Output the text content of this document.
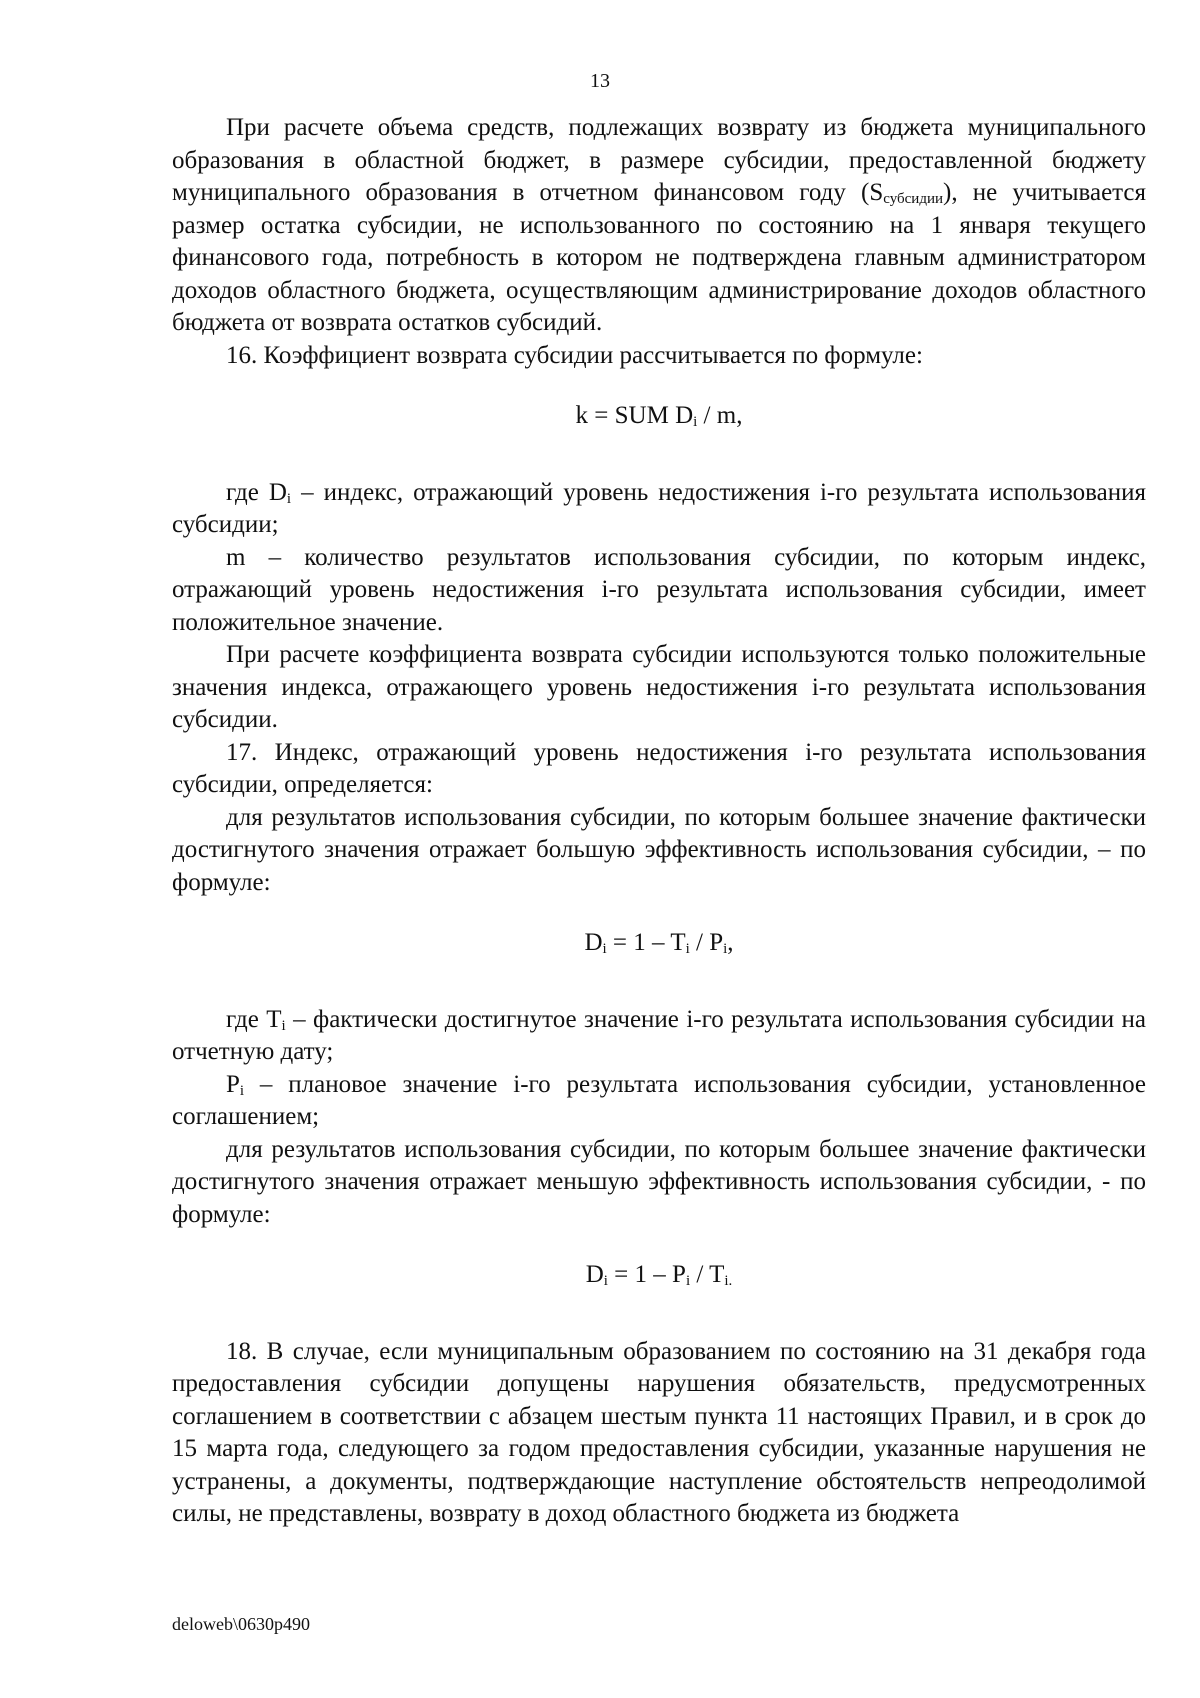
13

При расчете объема средств, подлежащих возврату из бюджета муниципального образования в областной бюджет, в размере субсидии, предоставленной бюджету муниципального образования в отчетном финансовом году $(S_{субсидии})$, не учитывается размер остатка субсидии, не использованного по состоянию на 1 января текущего финансового года, потребность в котором не подтверждена главным администратором доходов областного бюджета, осуществляющим администрирование доходов областного бюджета от возврата остатков субсидий.

16. Коэффициент возврата субсидии рассчитывается по формуле:

k = SUM $D_i$ / m,

где $D_i$ – индекс, отражающий уровень недостижения i-го результата использования субсидии;

m – количество результатов использования субсидии, по которым индекс, отражающий уровень недостижения i-го результата использования субсидии, имеет положительное значение.

При расчете коэффициента возврата субсидии используются только положительные значения индекса, отражающего уровень недостижения i-го результата использования субсидии.

17. Индекс, отражающий уровень недостижения i-го результата использования субсидии, определяется:

для результатов использования субсидии, по которым большее значение фактически достигнутого значения отражает большую эффективность использования субсидии, – по формуле:

$D_i = 1 - T_i / P_i$,

где $T_i$ – фактически достигнутое значение i-го результата использования субсидии на отчетную дату;

$P_i$ – плановое значение i-го результата использования субсидии, установленное соглашением;

для результатов использования субсидии, по которым большее значение фактически достигнутого значения отражает меньшую эффективность использования субсидии, - по формуле:

$D_i = 1 - P_i / T_{i.}$

18. В случае, если муниципальным образованием по состоянию на 31 декабря года предоставления субсидии допущены нарушения обязательств, предусмотренных соглашением в соответствии с абзацем шестым пункта 11 настоящих Правил, и в срок до 15 марта года, следующего за годом предоставления субсидии, указанные нарушения не устранены, а документы, подтверждающие наступление обстоятельств непреодолимой силы, не представлены, возврату в доход областного бюджета из бюджета

deloweb\0630p490
